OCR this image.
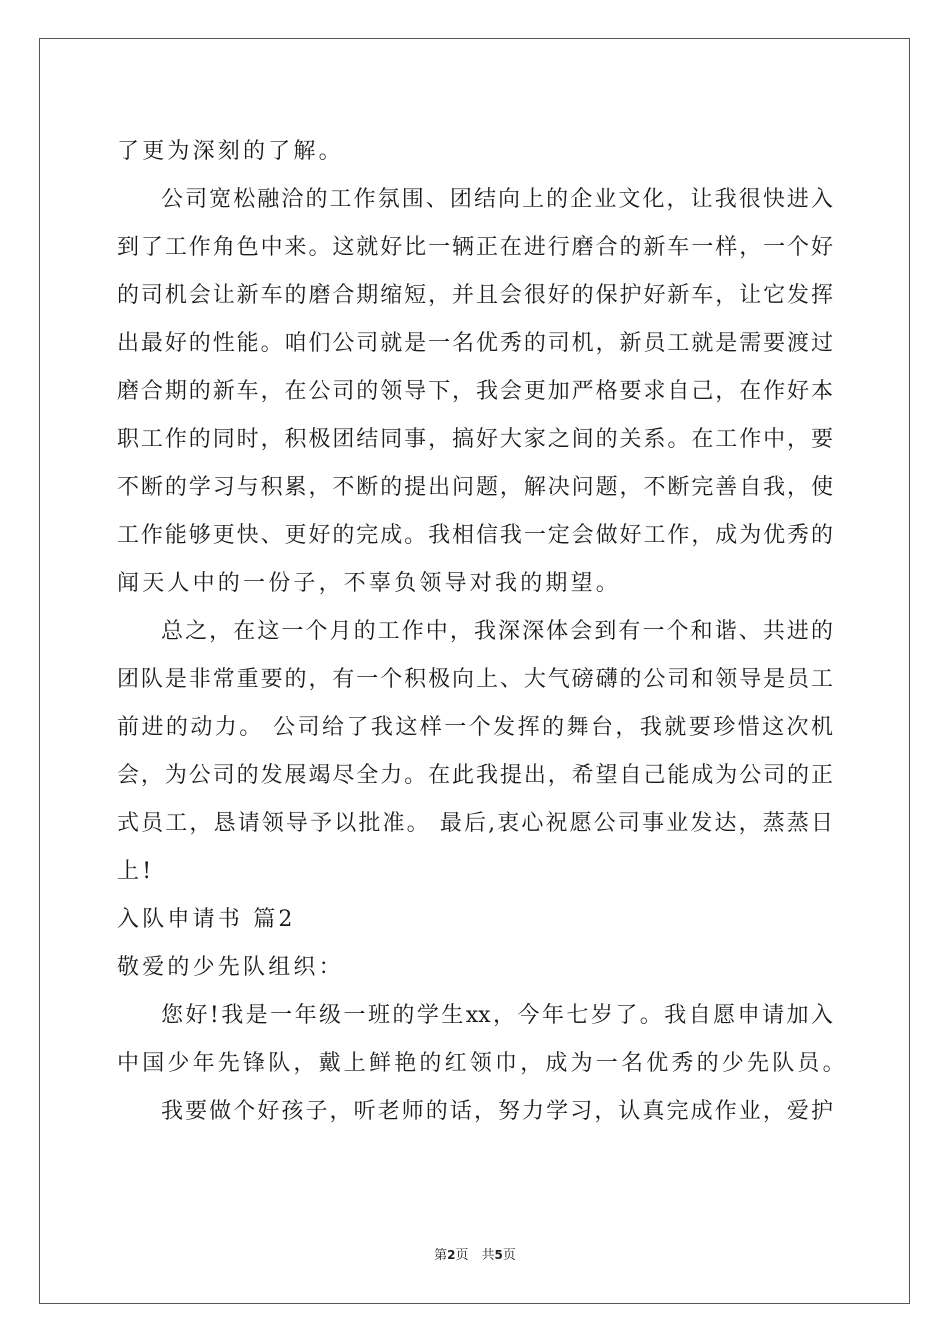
了更为深刻的了解。
公司宽松融洽的工作氛围、团结向上的企业文化，让我很快进入
到了工作角色中来。这就好比一辆正在进行磨合的新车一样，一个好
的司机会让新车的磨合期缩短，并且会很好的保护好新车，让它发挥
出最好的性能。咱们公司就是一名优秀的司机，新员工就是需要渡过
磨合期的新车，在公司的领导下，我会更加严格要求自己，在作好本
职工作的同时，积极团结同事，搞好大家之间的关系。在工作中，要
不断的学习与积累，不断的提出问题，解决问题，不断完善自我，使
工作能够更快、更好的完成。我相信我一定会做好工作，成为优秀的
闻天人中的一份子，不辜负领导对我的期望。
总之，在这一个月的工作中，我深深体会到有一个和谐、共进的
团队是非常重要的，有一个积极向上、大气磅礴的公司和领导是员工
前进的动力。 公司给了我这样一个发挥的舞台，我就要珍惜这次机
会，为公司的发展竭尽全力。在此我提出，希望自己能成为公司的正
式员工，恳请领导予以批准。 最后,衷心祝愿公司事业发达，蒸蒸日
上!
入队申请书 篇2
敬爱的少先队组织：
您好!我是一年级一班的学生xx，今年七岁了。我自愿申请加入
中国少年先锋队，戴上鲜艳的红领巾，成为一名优秀的少先队员。
我要做个好孩子，听老师的话，努力学习，认真完成作业，爱护
第2页　共5页
